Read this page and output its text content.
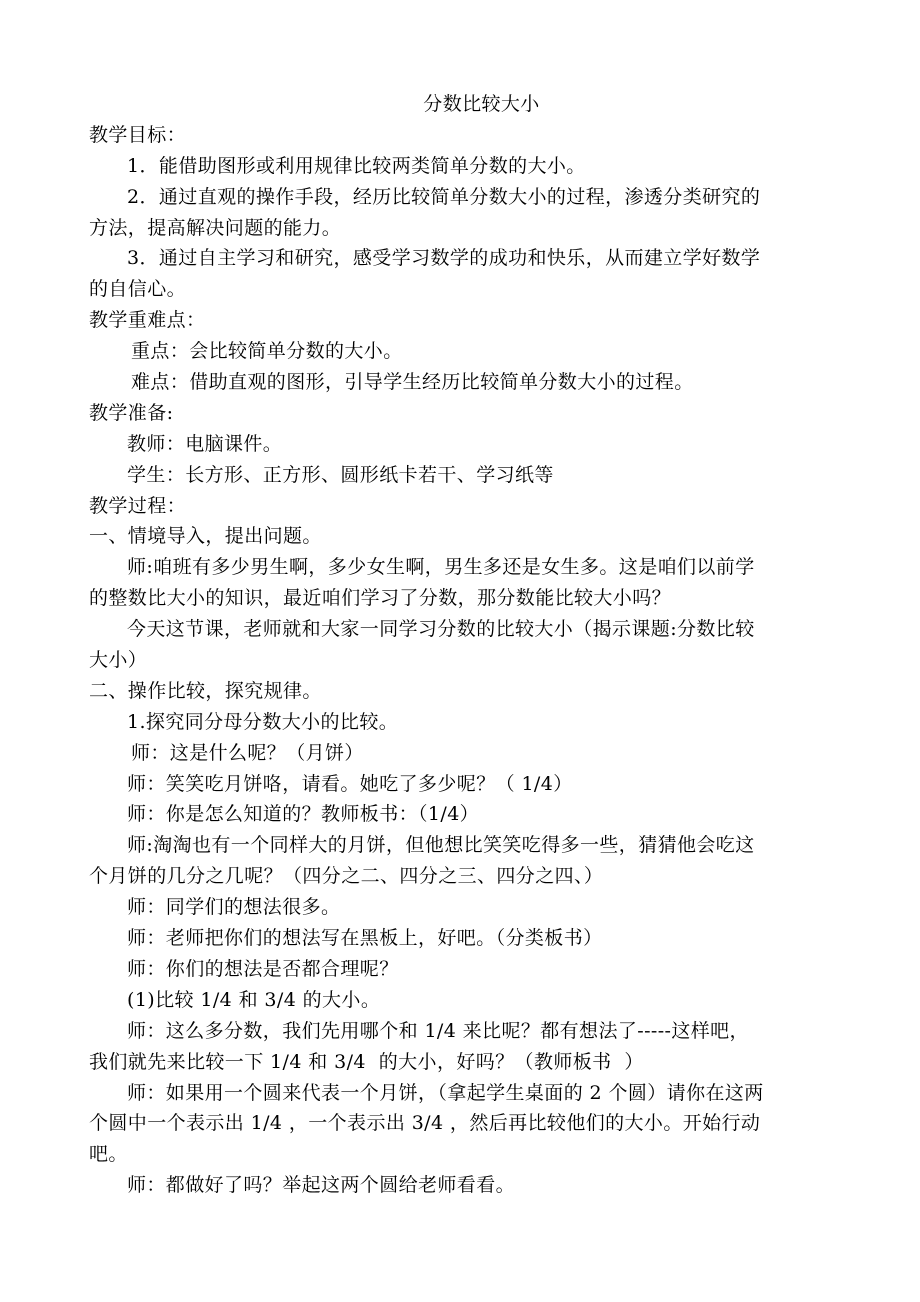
分数比较大小
教学目标：
1．能借助图形或利用规律比较两类简单分数的大小。
2．通过直观的操作手段，经历比较简单分数大小的过程，渗透分类研究的
方法，提高解决问题的能力。
3．通过自主学习和研究，感受学习数学的成功和快乐，从而建立学好数学
的自信心。
教学重难点：
重点：会比较简单分数的大小。
难点：借助直观的图形，引导学生经历比较简单分数大小的过程。
教学准备:
教师：电脑课件。
学生：长方形、正方形、圆形纸卡若干、学习纸等
教学过程：
一、情境导入，提出问题。
师:咱班有多少男生啊，多少女生啊，男生多还是女生多。这是咱们以前学
的整数比大小的知识，最近咱们学习了分数，那分数能比较大小吗？
今天这节课，老师就和大家一同学习分数的比较大小（揭示课题:分数比较
大小）
二、操作比较，探究规律。
1.探究同分母分数大小的比较。
师：这是什么呢？（月饼）
师：笑笑吃月饼咯，请看。她吃了多少呢？（ 1/4）
师：你是怎么知道的？教师板书：（1/4）
师:淘淘也有一个同样大的月饼，但他想比笑笑吃得多一些，猜猜他会吃这
个月饼的几分之几呢？（四分之二、四分之三、四分之四、）
师：同学们的想法很多。
师：老师把你们的想法写在黑板上，好吧。（分类板书）
师：你们的想法是否都合理呢？
(1)比较 1/4 和 3/4 的大小。
师：这么多分数，我们先用哪个和 1/4 来比呢？都有想法了-----这样吧，
我们就先来比较一下 1/4 和 3/4  的大小，好吗？（教师板书  ）
师：如果用一个圆来代表一个月饼，（拿起学生桌面的 2 个圆）请你在这两
个圆中一个表示出 1/4 ，一个表示出 3/4 ，然后再比较他们的大小。开始行动
吧。
师：都做好了吗？举起这两个圆给老师看看。
